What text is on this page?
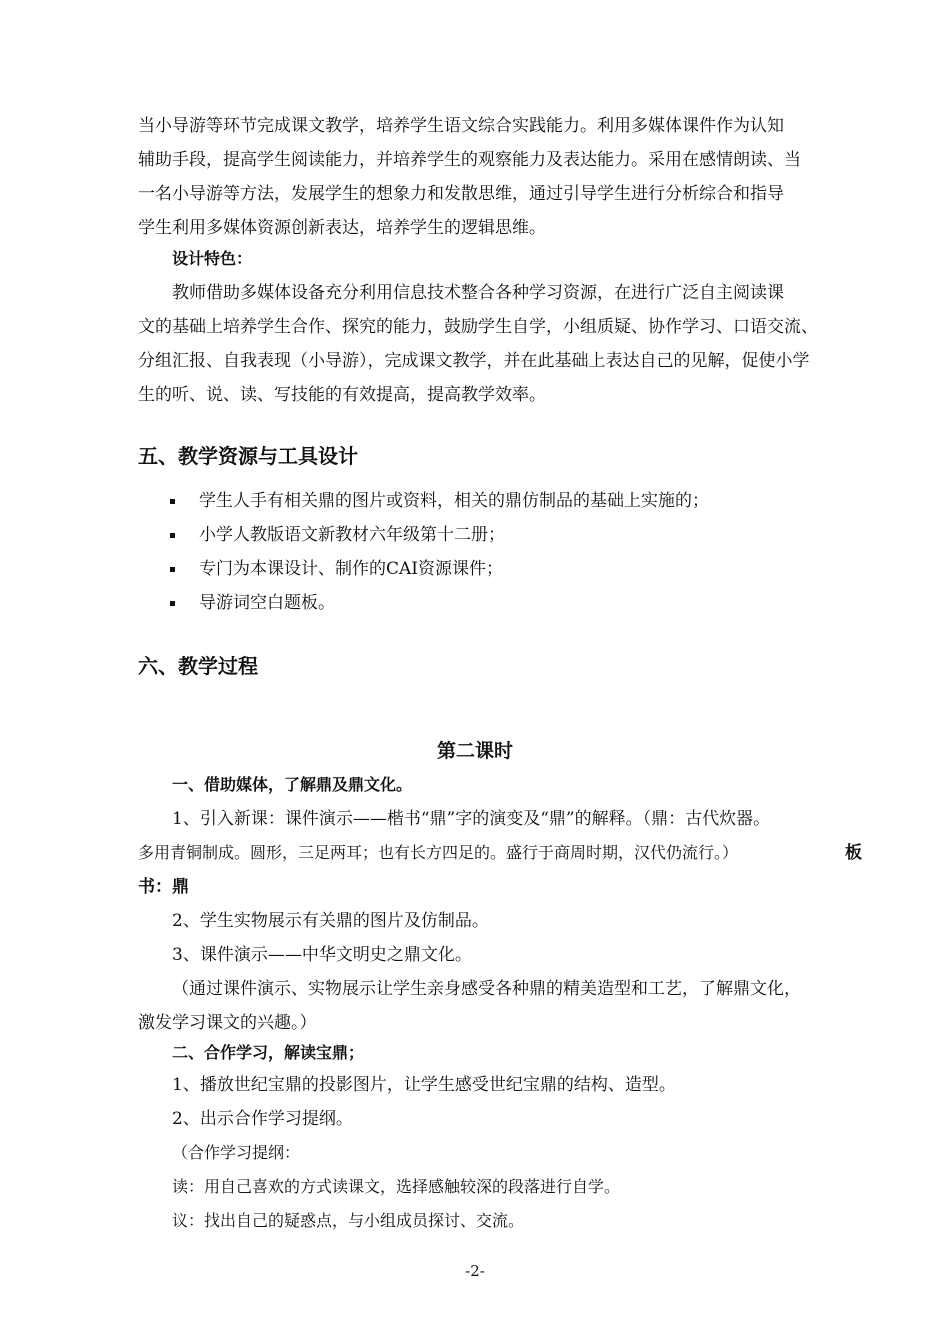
当小导游等环节完成课文教学，培养学生语文综合实践能力。利用多媒体课件作为认知

辅助手段，提高学生阅读能力，并培养学生的观察能力及表达能力。采用在感情朗读、当

一名小导游等方法，发展学生的想象力和发散思维，通过引导学生进行分析综合和指导

学生利用多媒体资源创新表达，培养学生的逻辑思维。

设计特色：

教师借助多媒体设备充分利用信息技术整合各种学习资源，在进行广泛自主阅读课

文的基础上培养学生合作、探究的能力，鼓励学生自学，小组质疑、协作学习、口语交流、

分组汇报、自我表现（小导游），完成课文教学，并在此基础上表达自己的见解，促使小学

生的听、说、读、写技能的有效提高，提高教学效率。

五、教学资源与工具设计
学生人手有相关鼎的图片或资料，相关的鼎仿制品的基础上实施的；
小学人教版语文新教材六年级第十二册；
专门为本课设计、制作的CAI资源课件；
导游词空白题板。
六、教学过程
第二课时
一、借助媒体，了解鼎及鼎文化。

1、引入新课：课件演示——楷书“鼎”字的演变及“鼎”的解释。（鼎：古代炊器。

多用青铜制成。圆形，三足两耳；也有长方四足的。盛行于商周时期，汉代仍流行。）	板

书：鼎

2、学生实物展示有关鼎的图片及仿制品。

3、课件演示——中华文明史之鼎文化。

（通过课件演示、实物展示让学生亲身感受各种鼎的精美造型和工艺，了解鼎文化，

激发学习课文的兴趣。）

二、合作学习，解读宝鼎；

1、播放世纪宝鼎的投影图片，让学生感受世纪宝鼎的结构、造型。

2、出示合作学习提纲。

（合作学习提纲：

读：用自己喜欢的方式读课文，选择感触较深的段落进行自学。

议：找出自己的疑惑点，与小组成员探讨、交流。

-2-
